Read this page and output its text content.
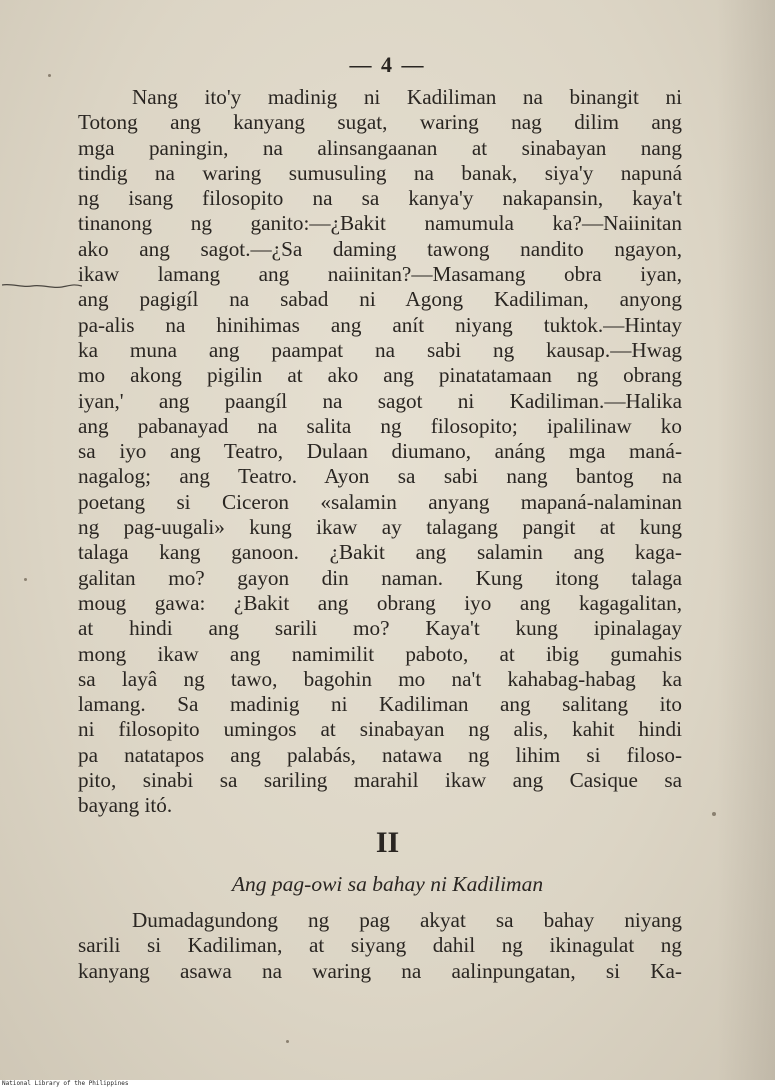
— 4 —
Nang ito'y madinig ni Kadiliman na binangit ni
Totong ang kanyang sugat, waring nag dilim ang
mga paningin, na alinsangaanan at sinabayan nang
tindig na waring sumusuling na banak, siya'y napuná
ng isang filosopito na sa kanya'y nakapansin, kaya't
tinanong ng ganito:—¿Bakit namumula ka?—Naiinitan
ako ang sagot.—¿Sa daming tawong nandito ngayon,
ikaw lamang ang naiinitan?—Masamang obra iyan,
ang pagigíl na sabad ni Agong Kadiliman, anyong
pa-alis na hinihimas ang anít niyang tuktok.—Hintay
ka muna ang paampat na sabi ng kausap.—Hwag
mo akong pigilin at ako ang pinatatamaan ng obrang
iyan,' ang paangíl na sagot ni Kadiliman.—Halika
ang pabanayad na salita ng filosopito; ipalilinaw ko
sa iyo ang Teatro, Dulaan diumano, anáng mga maná-
nagalog; ang Teatro. Ayon sa sabi nang bantog na
poetang si Ciceron «salamin anyang mapaná-nalaminan
ng pag-uugali» kung ikaw ay talagang pangit at kung
talaga kang ganoon. ¿Bakit ang salamin ang kaga-
galitan mo? gayon din naman. Kung itong talaga
moug gawa: ¿Bakit ang obrang iyo ang kagagalitan,
at hindi ang sarili mo? Kaya't kung ipinalagay
mong ikaw ang namimilit paboto, at ibig gumahis
sa layâ ng tawo, bagohin mo na't kahabag-habag ka
lamang. Sa madinig ni Kadiliman ang salitang ito
ni filosopito umingos at sinabayan ng alis, kahit hindi
pa natatapos ang palabás, natawa ng lihim si filoso-
pito, sinabi sa sariling marahil ikaw ang Casique sa
bayang itó.
II
Ang pag-owi sa bahay ni Kadiliman
Dumadagundong ng pag akyat sa bahay niyang
sarili si Kadiliman, at siyang dahil ng ikinagulat ng
kanyang asawa na waring na aalinpungatan, si Ka-
National Library of the Philippines
